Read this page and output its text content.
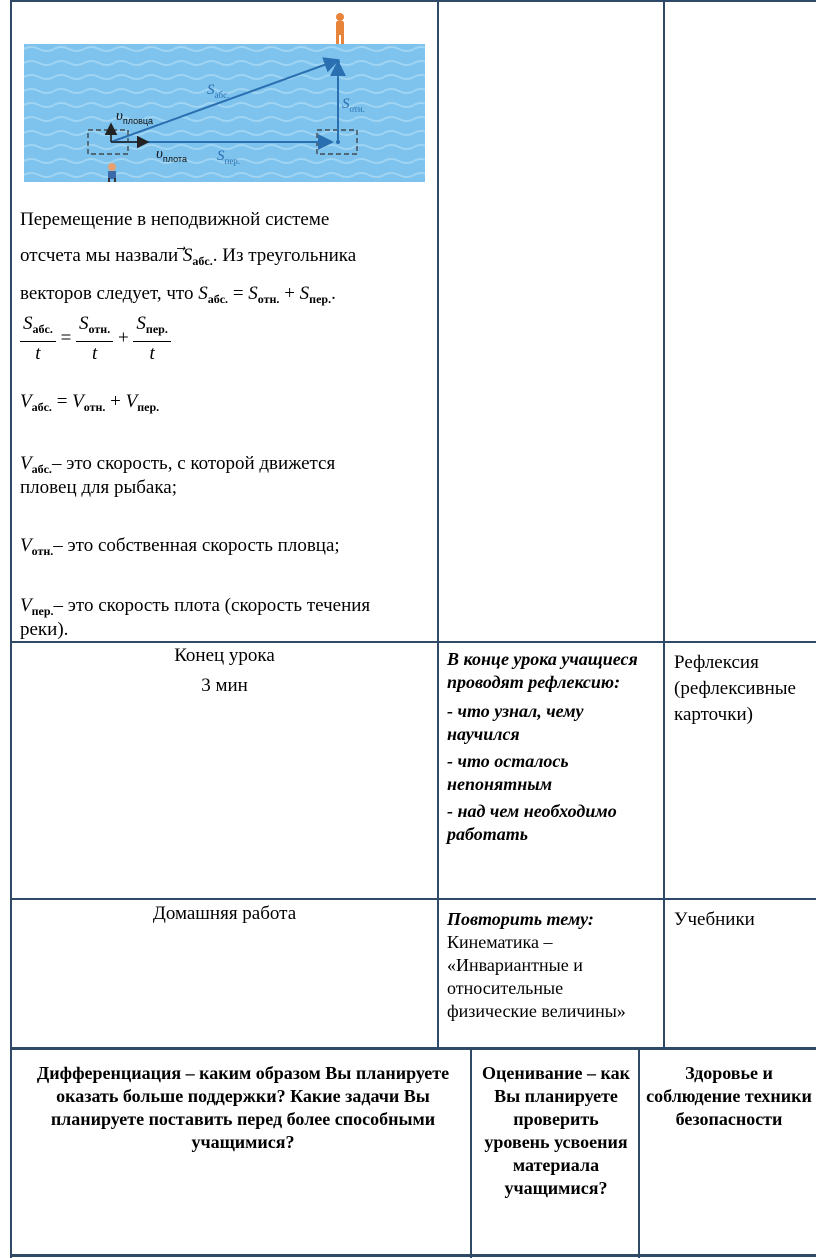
$S_{абс.}$
$S_{отн.}$
$S_{пер.}$
$\upsilon_{пловца}$
$\upsilon_{плота}$

Перемещение в неподвижной системе

отсчета мы назвали $S_{абс.}$. Из треугольника

векторов следует, что $S_{абс.} = S_{отн.} + S_{пер.}$.

$\frac{S_{абс.}}{t} = \frac{S_{отн.}}{t} + \frac{S_{пер.}}{t}$

$V_{абс.} = V_{отн.} + V_{пер.}$

$V_{абс.}-$ это скорость, с которой движется

пловец для рыбака;

$V_{отн.}-$ это собственная скорость пловца;

$V_{пер.}-$ это скорость плота (скорость течения

реки).

Конец урока

3 мин

В конце урока учащиеся проводят рефлексию:

- что узнал, чему научился

- что осталось непонятным

- над чем необходимо работать

Рефлексия (рефлексивные карточки)

Домашняя работа	Повторить тему:

Кинематика – «Инвариантные и относительные физические величины»

Учебники

Дифференциация – каким образом Вы планируете оказать больше поддержки? Какие задачи Вы планируете поставить перед более способными учащимися?

Оценивание – как Вы планируете проверить уровень усвоения материала учащимися?

Здоровье и соблюдение техники безопасности
